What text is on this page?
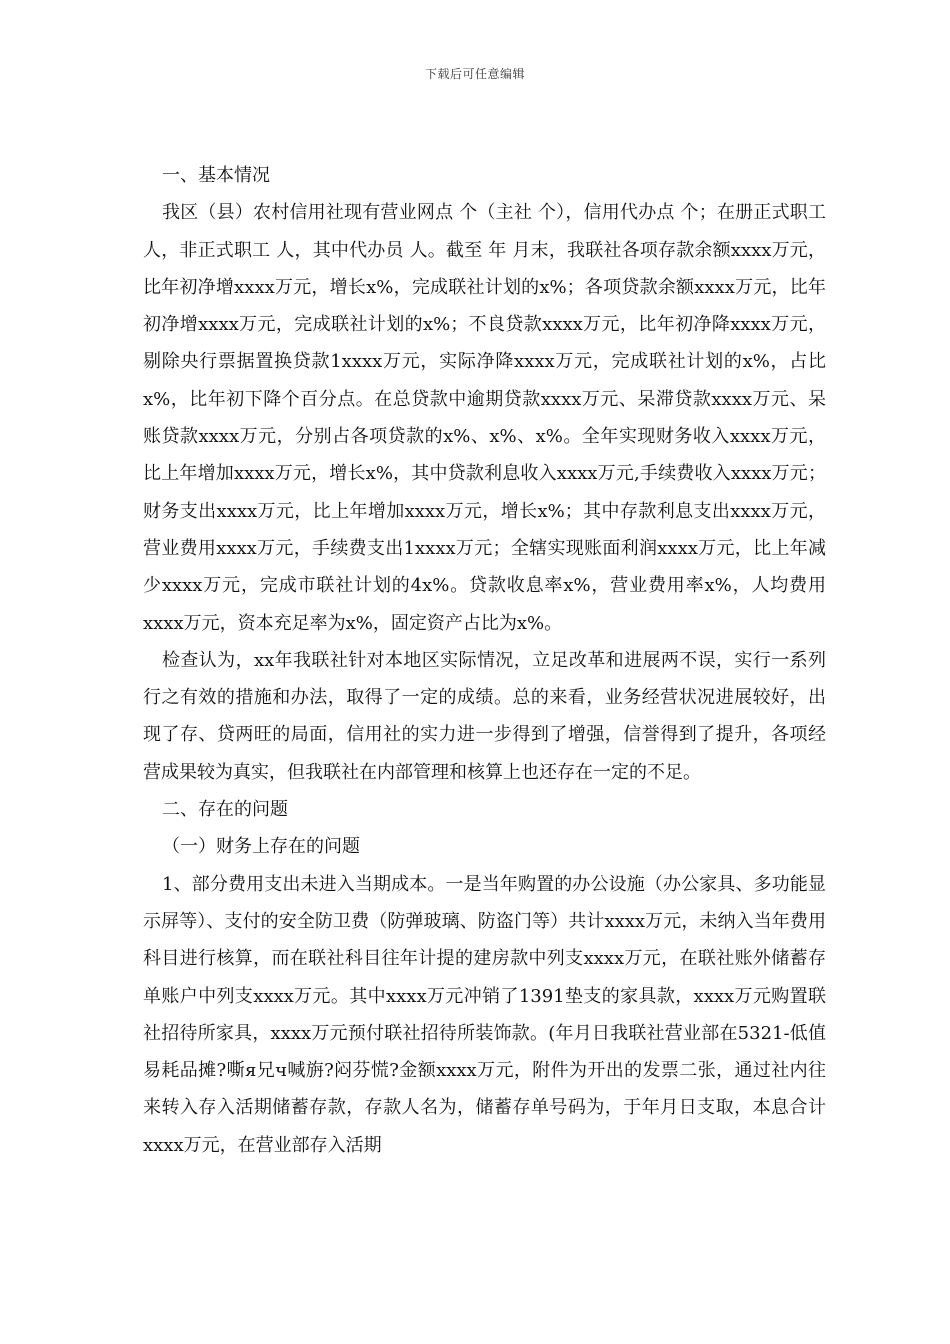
下载后可任意编辑

一、基本情况

我区（县）农村信用社现有营业网点 个（主社 个），信用代办点 个；在册正式职工 人，非正式职工 人，其中代办员 人。截至 年 月末，我联社各项存款余额xxxx万元，比年初净增xxxx万元，增长x%，完成联社计划的x%；各项贷款余额xxxx万元，比年初净增xxxx万元，完成联社计划的x%；不良贷款xxxx万元，比年初净降xxxx万元，剔除央行票据置换贷款1xxxx万元，实际净降xxxx万元，完成联社计划的x%，占比x%，比年初下降个百分点。在总贷款中逾期贷款xxxx万元、呆滞贷款xxxx万元、呆账贷款xxxx万元，分别占各项贷款的x%、x%、x%。全年实现财务收入xxxx万元，比上年增加xxxx万元，增长x%，其中贷款利息收入xxxx万元,手续费收入xxxx万元；财务支出xxxx万元，比上年增加xxxx万元，增长x%；其中存款利息支出xxxx万元，营业费用xxxx万元，手续费支出1xxxx万元；全辖实现账面利润xxxx万元，比上年减少xxxx万元，完成市联社计划的4x%。贷款收息率x%，营业费用率x%，人均费用xxxx万元，资本充足率为x%，固定资产占比为x%。

检查认为，xx年我联社针对本地区实际情况，立足改革和进展两不误，实行一系列行之有效的措施和办法，取得了一定的成绩。总的来看，业务经营状况进展较好，出现了存、贷两旺的局面，信用社的实力进一步得到了增强，信誉得到了提升，各项经营成果较为真实，但我联社在内部管理和核算上也还存在一定的不足。

二、存在的问题

（一）财务上存在的问题

1、部分费用支出未进入当期成本。一是当年购置的办公设施（办公家具、多功能显示屏等）、支付的安全防卫费（防弹玻璃、防盗门等）共计xxxx万元，未纳入当年费用科目进行核算，而在联社科目往年计提的建房款中列支xxxx万元，在联社账外储蓄存单账户中列支xxxx万元。其中xxxx万元冲销了1391垫支的家具款，xxxx万元购置联社招待所家具，xxxx万元预付联社招待所装饰款。(年月日我联社营业部在5321-低值易耗品摊?嘶я兄ч喊旃?闷芬慌?金额xxxx万元，附件为开出的发票二张，通过社内往来转入存入活期储蓄存款，存款人名为，储蓄存单号码为，于年月日支取，本息合计xxxx万元，在营业部存入活期
